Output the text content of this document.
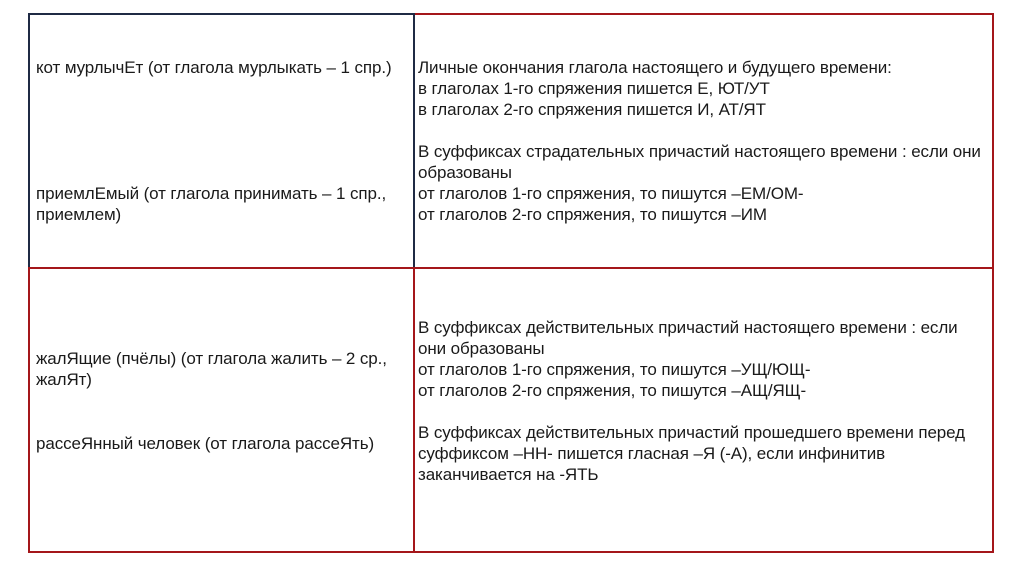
кот мурлычЕт (от глагола мурлыкать – 1 спр.)

приемлЕмый (от глагола принимать – 1 спр., приемлем)

Личные окончания глагола настоящего и будущего времени:

в глаголах 1-го спряжения пишется Е, ЮТ/УТ

в глаголах 2-го спряжения пишется И, АТ/ЯТ

В суффиксах страдательных причастий настоящего времени : если они образованы

от глаголов 1-го спряжения, то пишутся –ЕМ/ОМ-

от глаголов 2-го спряжения, то пишутся –ИМ

жалЯщие (пчёлы) (от глагола жалить – 2 ср., жалЯт)

рассеЯнный человек (от глагола рассеЯть)

В суффиксах действительных причастий настоящего времени : если они образованы

от глаголов 1-го спряжения, то пишутся –УЩ/ЮЩ-

от глаголов 2-го спряжения, то пишутся –АЩ/ЯЩ-

В суффиксах действительных причастий прошедшего времени перед суффиксом –НН- пишется гласная –Я (-А), если инфинитив заканчивается на -ЯТЬ
